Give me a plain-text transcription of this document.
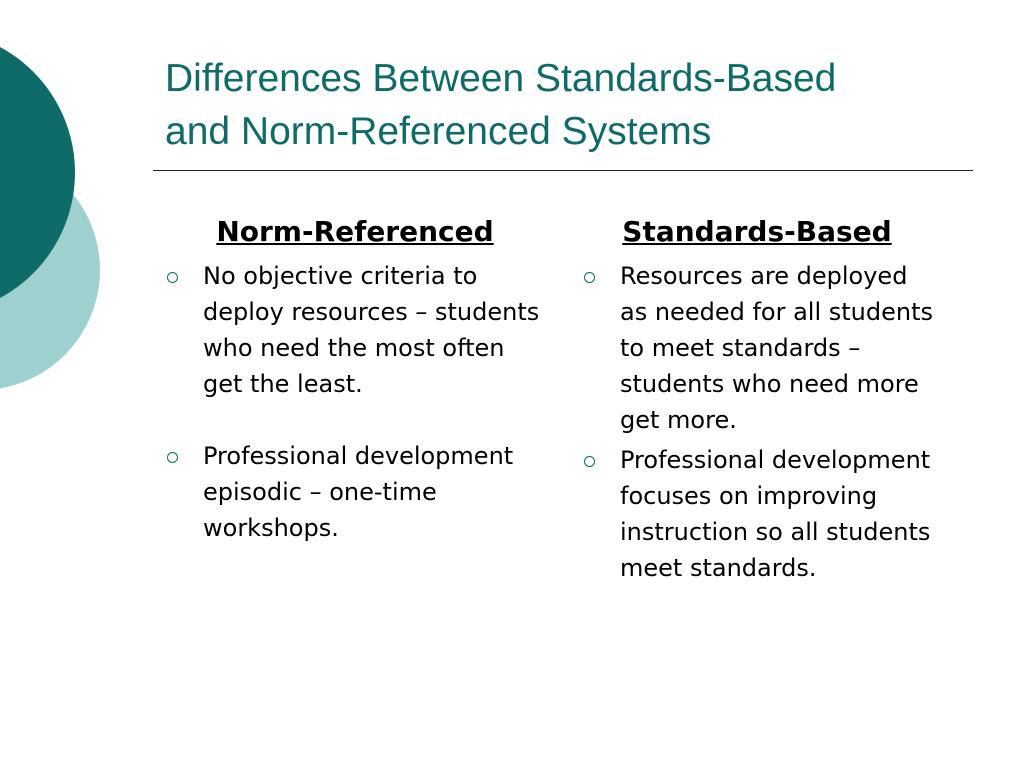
Differences Between Standards-Based
and Norm-Referenced Systems
Norm-Referenced
No objective criteria to deploy resources – students who need the most often get the least.
Professional development episodic – one-time workshops.
Standards-Based
Resources are deployed as needed for all students to meet standards – students who need more get more.
Professional development focuses on improving instruction so all students meet standards.
